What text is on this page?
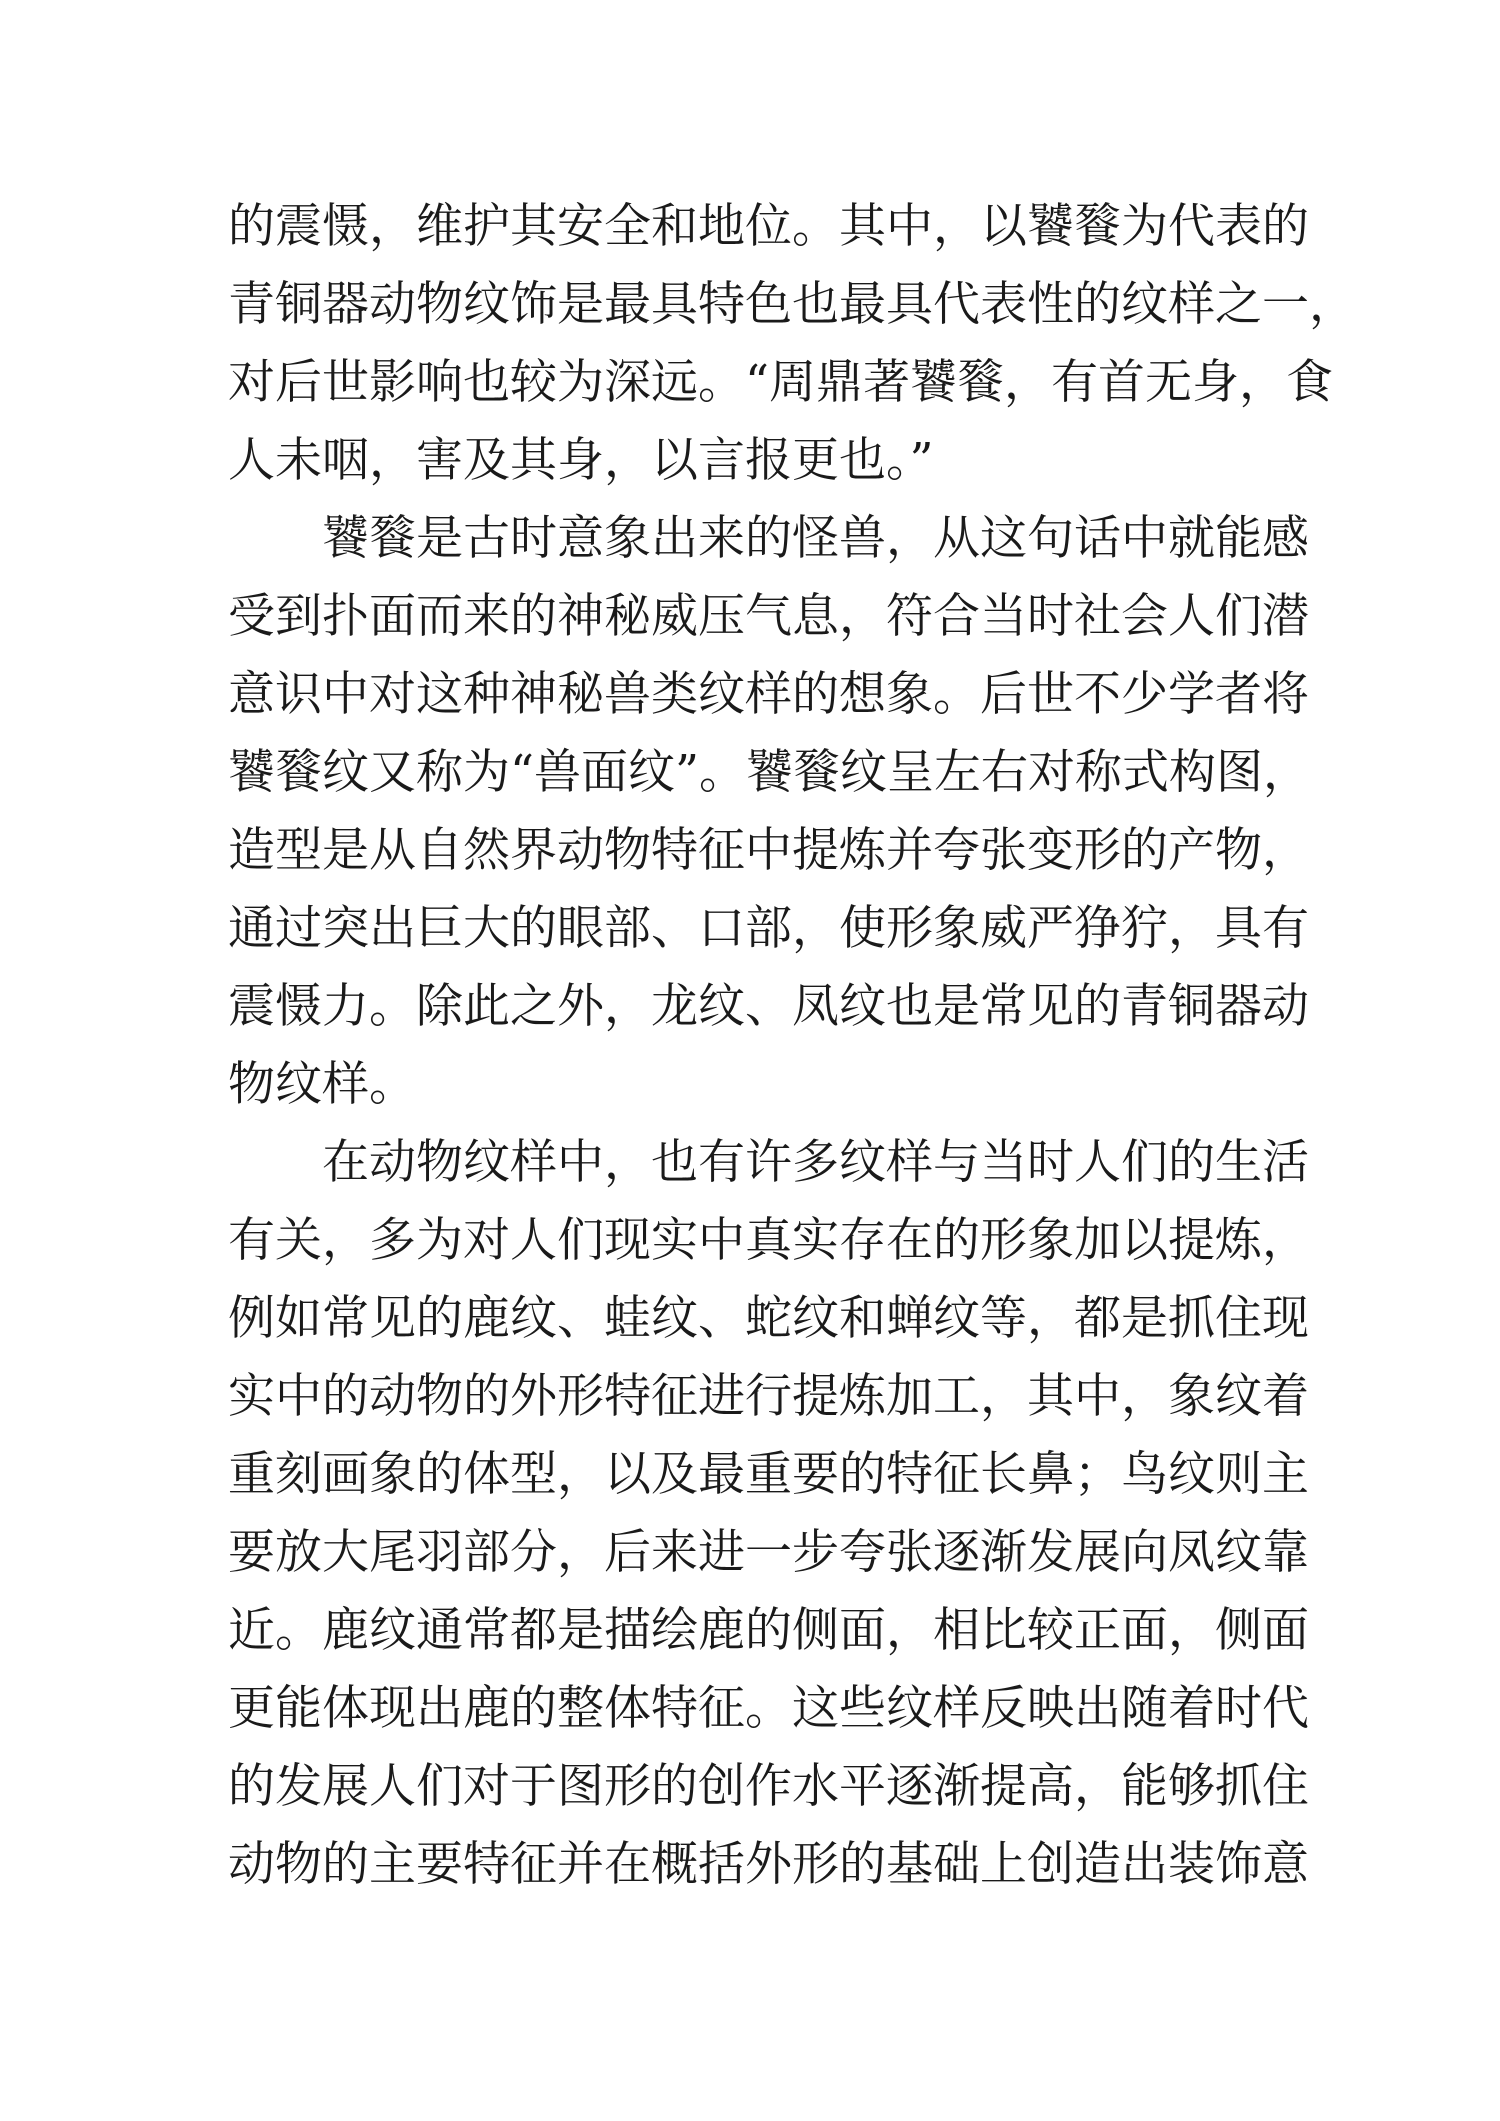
的震慑，维护其安全和地位。其中，以饕餮为代表的
青铜器动物纹饰是最具特色也最具代表性的纹样之一，
对后世影响也较为深远。“周鼎著饕餮，有首无身，食
人未咽，害及其身，以言报更也。”
饕餮是古时意象出来的怪兽，从这句话中就能感
受到扑面而来的神秘威压气息，符合当时社会人们潜
意识中对这种神秘兽类纹样的想象。后世不少学者将
饕餮纹又称为“兽面纹”。饕餮纹呈左右对称式构图，
造型是从自然界动物特征中提炼并夸张变形的产物，
通过突出巨大的眼部、口部，使形象威严狰狞，具有
震慑力。除此之外，龙纹、凤纹也是常见的青铜器动
物纹样。
在动物纹样中，也有许多纹样与当时人们的生活
有关，多为对人们现实中真实存在的形象加以提炼，
例如常见的鹿纹、蛙纹、蛇纹和蝉纹等，都是抓住现
实中的动物的外形特征进行提炼加工，其中，象纹着
重刻画象的体型，以及最重要的特征长鼻；鸟纹则主
要放大尾羽部分，后来进一步夸张逐渐发展向凤纹靠
近。鹿纹通常都是描绘鹿的侧面，相比较正面，侧面
更能体现出鹿的整体特征。这些纹样反映出随着时代
的发展人们对于图形的创作水平逐渐提高，能够抓住
动物的主要特征并在概括外形的基础上创造出装饰意
